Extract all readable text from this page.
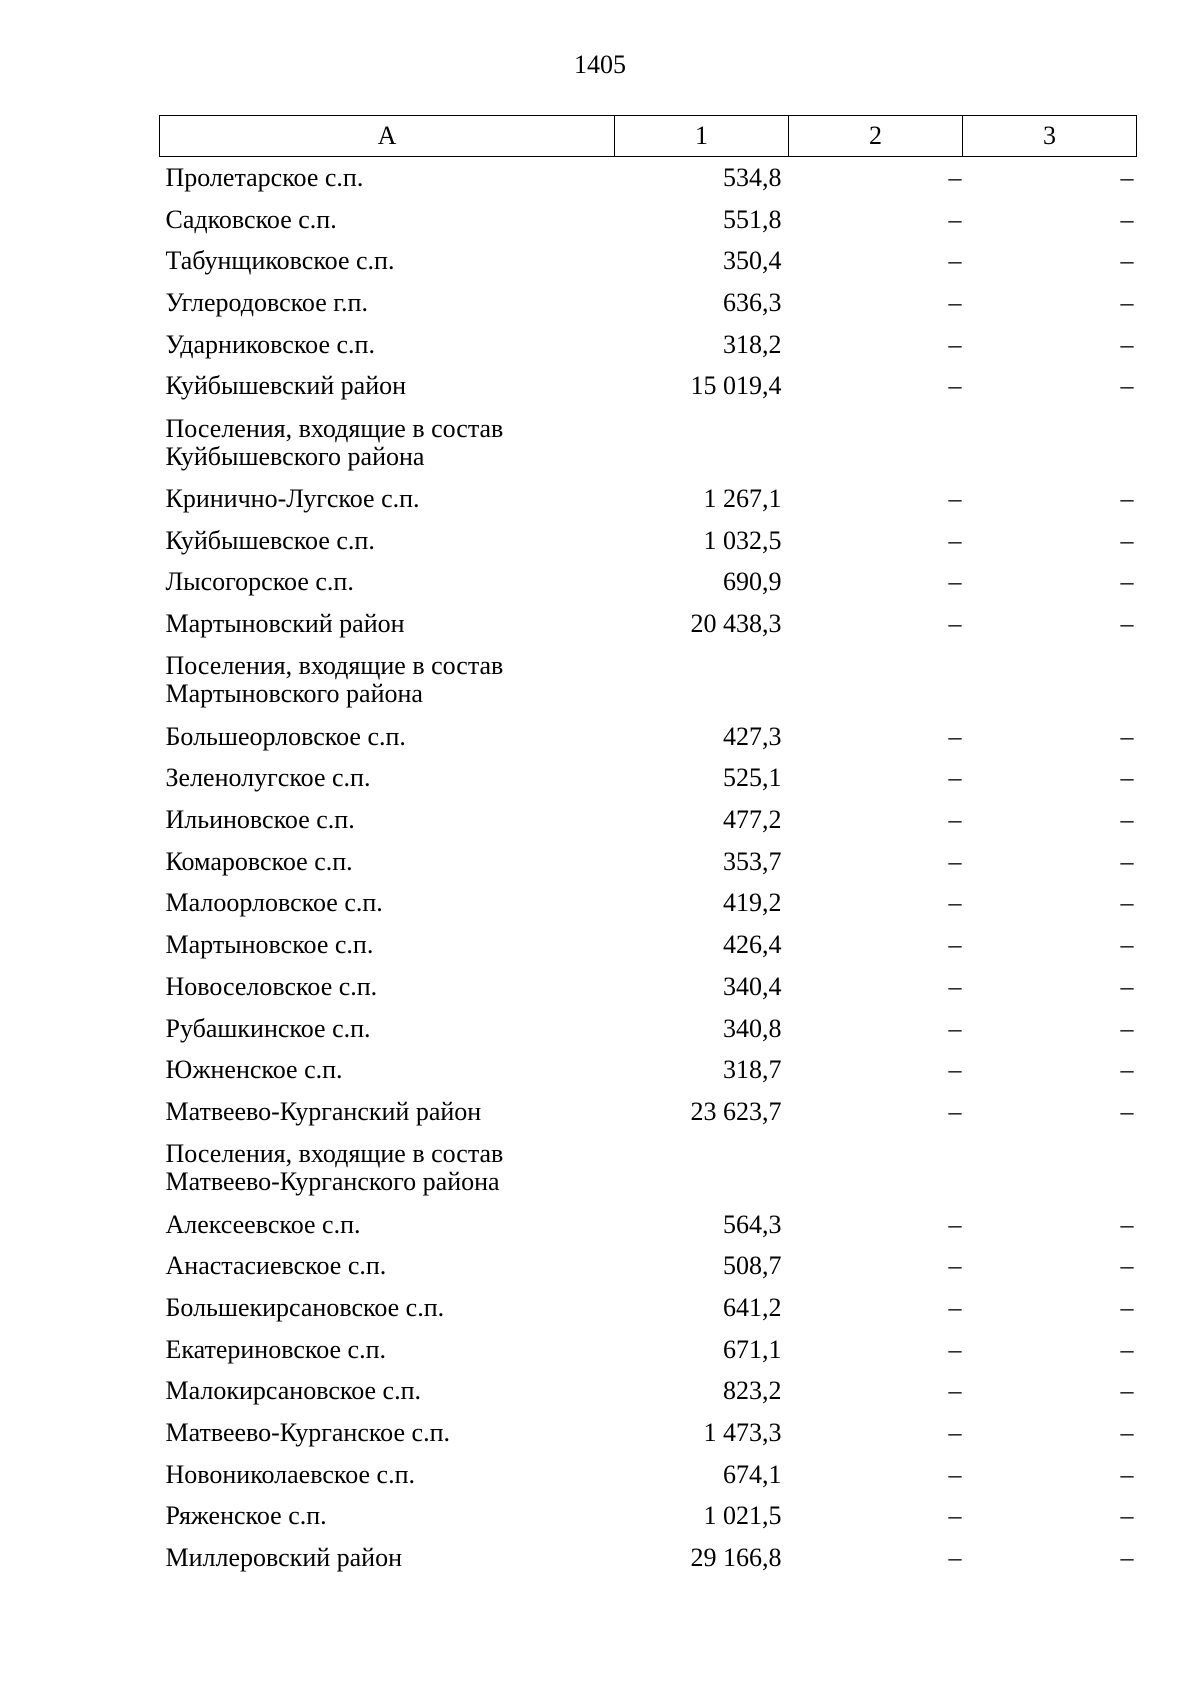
1405
А	1	2	3
Пролетарское с.п.	534,8	–	–
Садковское с.п.	551,8	–	–
Табунщиковское с.п.	350,4	–	–
Углеродовское г.п.	636,3	–	–
Ударниковское с.п.	318,2	–	–
Куйбышевский район	15 019,4	–	–

Поселения, входящие в состав
Куйбышевского района			

Кринично-Лугское с.п.	1 267,1	–	–
Куйбышевское с.п.	1 032,5	–	–
Лысогорское с.п.	690,9	–	–
Мартыновский район	20 438,3	–	–

Поселения, входящие в состав
Мартыновского района			

Большеорловское с.п.	427,3	–	–
Зеленолугское с.п.	525,1	–	–
Ильиновское с.п.	477,2	–	–
Комаровское с.п.	353,7	–	–
Малоорловское с.п.	419,2	–	–
Мартыновское с.п.	426,4	–	–
Новоселовское с.п.	340,4	–	–
Рубашкинское с.п.	340,8	–	–
Южненское с.п.	318,7	–	–
Матвеево-Курганский район	23 623,7	–	–

Поселения, входящие в состав
Матвеево-Курганского района			

Алексеевское с.п.	564,3	–	–
Анастасиевское с.п.	508,7	–	–
Большекирсановское с.п.	641,2	–	–
Екатериновское с.п.	671,1	–	–
Малокирсановское с.п.	823,2	–	–
Матвеево-Курганское с.п.	1 473,3	–	–
Новониколаевское с.п.	674,1	–	–
Ряженское с.п.	1 021,5	–	–
Миллеровский район	29 166,8	–	–
